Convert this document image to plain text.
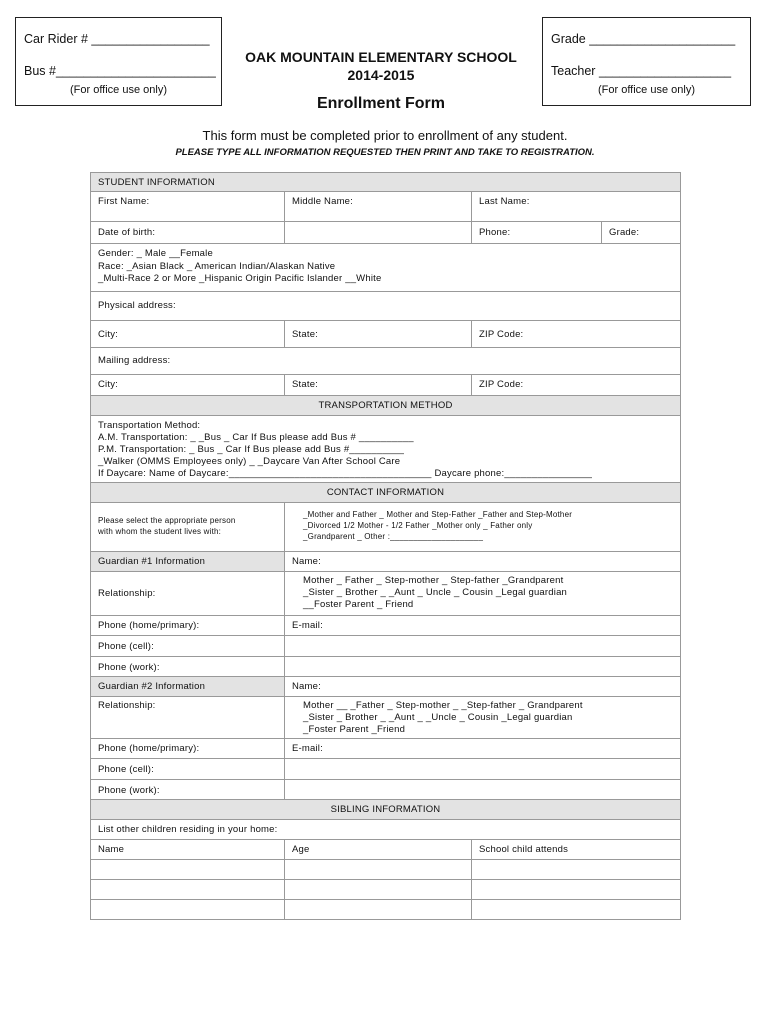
Car Rider # _________________
Bus #_______________________
(For office use only)
Grade _____________________
Teacher ___________________
(For office use only)
OAK MOUNTAIN ELEMENTARY SCHOOL
2014-2015
Enrollment Form
This form must be completed prior to enrollment of any student.
PLEASE TYPE ALL INFORMATION REQUESTED THEN PRINT AND TAKE TO REGISTRATION.
STUDENT INFORMATION
First Name:	Middle Name:	Last Name:
Date of birth:	Phone:	Grade:
Gender: _ Male __Female
Race: _Asian Black _ American Indian/Alaskan Native
_Multi-Race 2 or More _Hispanic Origin Pacific Islander __White
Physical address:
City:	State:	ZIP Code:
Mailing address:
City:	State:	ZIP Code:
TRANSPORTATION METHOD
Transportation Method:
A.M. Transportation: _ _Bus _ Car If Bus please add Bus # __________
P.M. Transportation: _ Bus _ Car If Bus please add Bus #__________
_Walker (OMMS Employees only) _ _Daycare Van After School Care
If Daycare: Name of Daycare:_____________________________________ Daycare phone:________________
CONTACT INFORMATION
Please select the appropriate person
with whom the student lives with:
_Mother and Father _ Mother and Step-Father _Father and Step-Mother
_Divorced 1/2 Mother - 1/2 Father _Mother only _ Father only
_Grandparent _ Other :____________________
Guardian #1 Information	Name:
Relationship:
Mother _ Father _ Step-mother _ Step-father _Grandparent
_Sister _ Brother _ _Aunt _ Uncle _ Cousin _Legal guardian
__Foster Parent _ Friend
Phone (home/primary):	E-mail:
Phone (cell):
Phone (work):
Guardian #2 Information	Name:
Relationship:	Mother __ _Father _ Step-mother _ _Step-father _ Grandparent
_Sister _ Brother _ _Aunt _ _Uncle _ Cousin _Legal guardian
_Foster Parent _Friend
Phone (home/primary):	E-mail:
Phone (cell):
Phone (work):
SIBLING INFORMATION
List other children residing in your home:
Name	Age	School child attends
